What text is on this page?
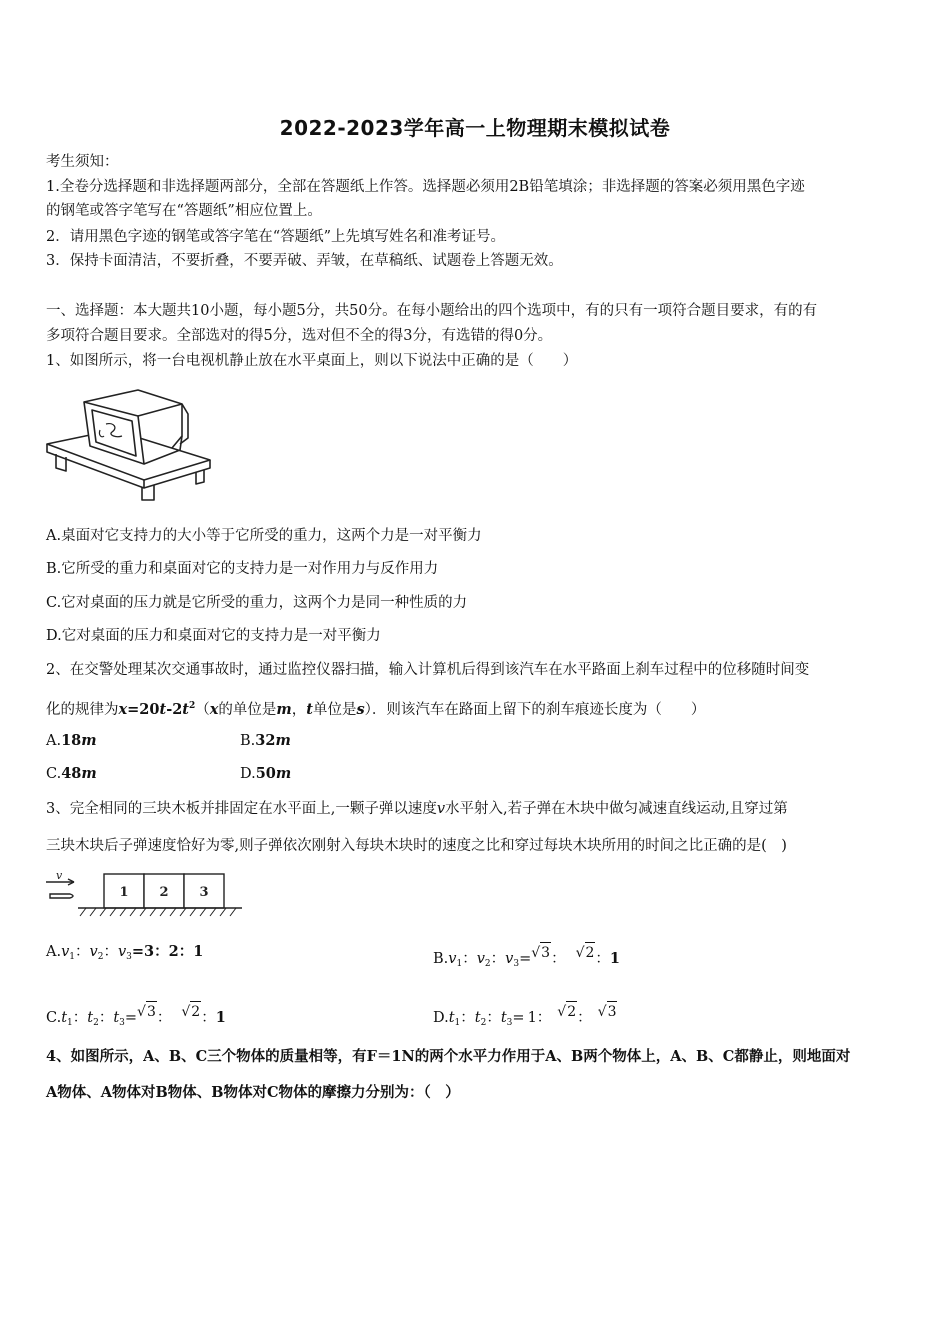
2022-2023学年高一上物理期末模拟试卷
考生须知：
1.全卷分选择题和非选择题两部分，全部在答题纸上作答。选择题必须用2B铅笔填涂；非选择题的答案必须用黑色字迹
的钢笔或答字笔写在“答题纸”相应位置上。
2．请用黑色字迹的钢笔或答字笔在“答题纸”上先填写姓名和准考证号。
3．保持卡面清洁，不要折叠，不要弄破、弄皱，在草稿纸、试题卷上答题无效。
一、选择题：本大题共10小题，每小题5分，共50分。在每小题给出的四个选项中，有的只有一项符合题目要求，有的有
多项符合题目要求。全部选对的得5分，选对但不全的得3分，有选错的得0分。
1、如图所示，将一台电视机静止放在水平桌面上，则以下说法中正确的是（　　）
A.桌面对它支持力的大小等于它所受的重力，这两个力是一对平衡力
B.它所受的重力和桌面对它的支持力是一对作用力与反作用力
C.它对桌面的压力就是它所受的重力，这两个力是同一种性质的力
D.它对桌面的压力和桌面对它的支持力是一对平衡力
2、在交警处理某次交通事故时，通过监控仪器扫描，输入计算机后得到该汽车在水平路面上刹车过程中的位移随时间变
化的规律为$x=20t-2t^2(x$的单位是m，t单位是s）．则该汽车在路面上留下的刹车痕迹长度为（　　）
A.18m	B.32m
C.48m	D.50m
3、完全相同的三块木板并排固定在水平面上,一颗子弹以速度v水平射入,若子弹在木块中做匀减速直线运动,且穿过第
三块木块后子弹速度恰好为零,则子弹依次刚射入每块木块时的速度之比和穿过每块木块所用的时间之比正确的是(　)
v
1 2 3
$A.v_1$：$v_2$：$v_3=3$：2：1	$B.v_1$：$v_2$：$v_3=√3$： √2：1
$C.t_1$：$t_2$：$t_3=√3$： √2：1	$D.t_1$：$t_2$：$t_3= 1$： √2： √3
4、如图所示，A、B、C三个物体的质量相等，有F＝1N的两个水平力作用于A、B两个物体上，A、B、C都静止，则地面对
A物体、A物体对B物体、B物体对C物体的摩擦力分别为：（　）
